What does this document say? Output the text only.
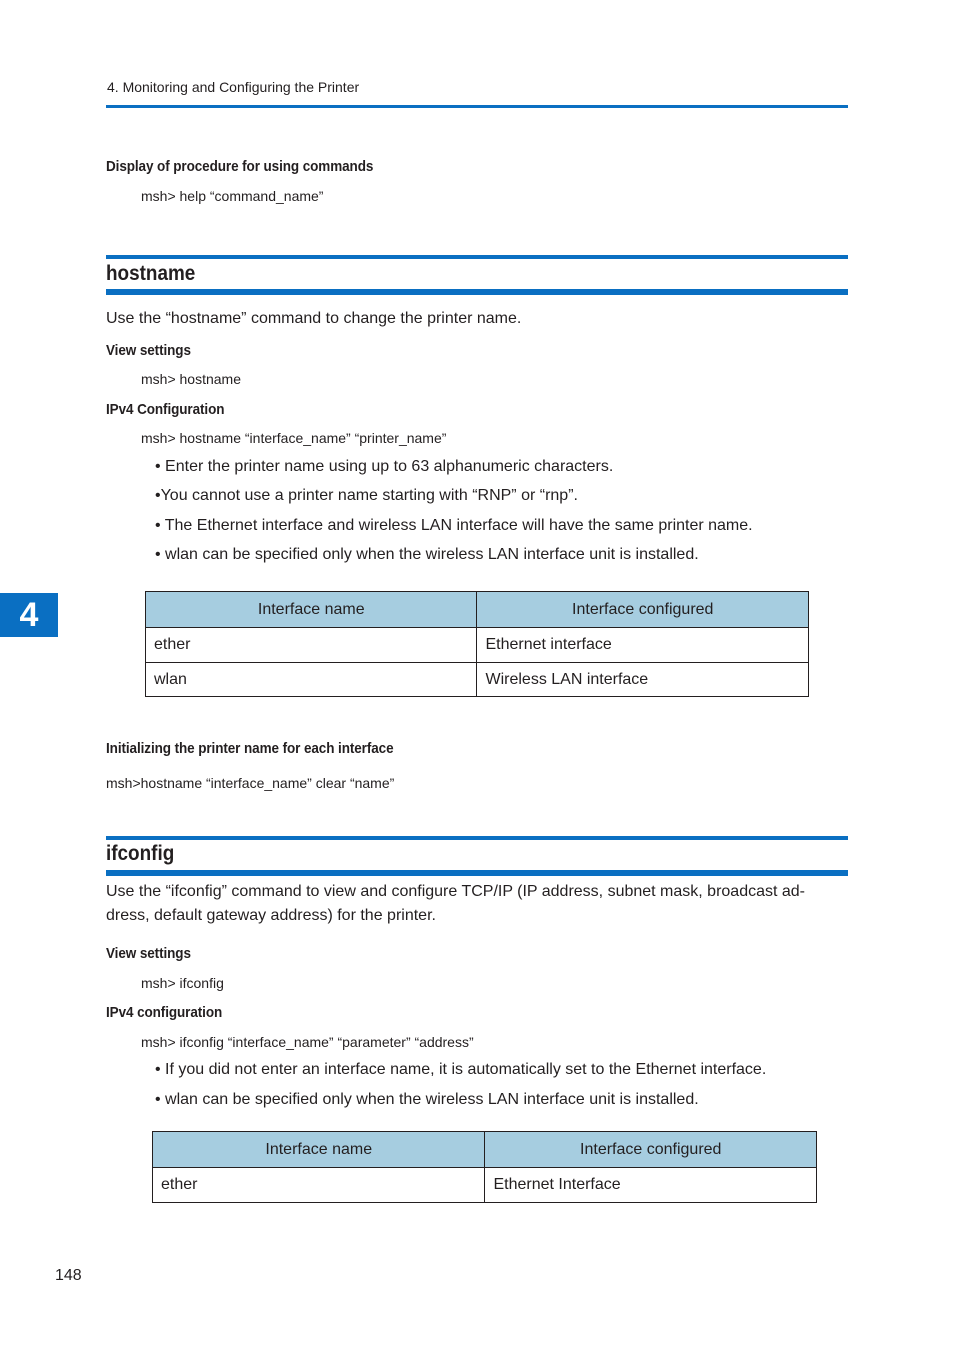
4. Monitoring and Configuring the Printer
Display of procedure for using commands
msh> help “command_name”
hostname
Use the “hostname” command to change the printer name.
View settings
msh> hostname
IPv4 Configuration
msh> hostname “interface_name” “printer_name”
• Enter the printer name using up to 63 alphanumeric characters.
•You cannot use a printer name starting with “RNP” or “rnp”.
• The Ethernet interface and wireless LAN interface will have the same printer name.
• wlan can be specified only when the wireless LAN interface unit is installed.
Interface name	Interface configured
ether	Ethernet interface
wlan	Wireless LAN interface
Initializing the printer name for each interface
msh>hostname “interface_name” clear “name”
ifconfig
Use the “ifconfig” command to view and configure TCP/IP (IP address, subnet mask, broadcast ad-
dress, default gateway address) for the printer.
View settings
msh> ifconfig
IPv4 configuration
msh> ifconfig “interface_name” “parameter” “address”
• If you did not enter an interface name, it is automatically set to the Ethernet interface.
• wlan can be specified only when the wireless LAN interface unit is installed.
Interface name	Interface configured
ether	Ethernet Interface
4
148
